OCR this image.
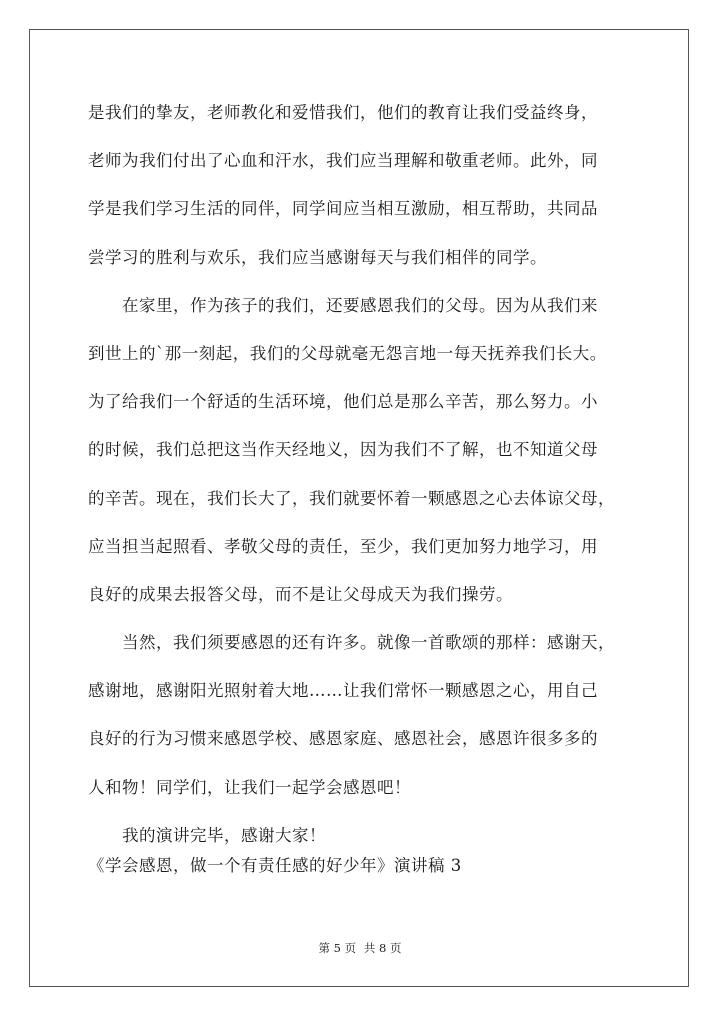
是我们的挚友，老师教化和爱惜我们，他们的教育让我们受益终身，
老师为我们付出了心血和汗水，我们应当理解和敬重老师。此外，同
学是我们学习生活的同伴，同学间应当相互激励，相互帮助，共同品
尝学习的胜利与欢乐，我们应当感谢每天与我们相伴的同学。
在家里，作为孩子的我们，还要感恩我们的父母。因为从我们来
到世上的`那一刻起，我们的父母就毫无怨言地一每天抚养我们长大。
为了给我们一个舒适的生活环境，他们总是那么辛苦，那么努力。小
的时候，我们总把这当作天经地义，因为我们不了解，也不知道父母
的辛苦。现在，我们长大了，我们就要怀着一颗感恩之心去体谅父母，
应当担当起照看、孝敬父母的责任，至少，我们更加努力地学习，用
良好的成果去报答父母，而不是让父母成天为我们操劳。
当然，我们须要感恩的还有许多。就像一首歌颂的那样：感谢天，
感谢地，感谢阳光照射着大地……让我们常怀一颗感恩之心，用自己
良好的行为习惯来感恩学校、感恩家庭、感恩社会，感恩许很多多的
人和物！同学们，让我们一起学会感恩吧！
我的演讲完毕，感谢大家！
《学会感恩，做一个有责任感的好少年》演讲稿 3
第 5 页 共 8 页
